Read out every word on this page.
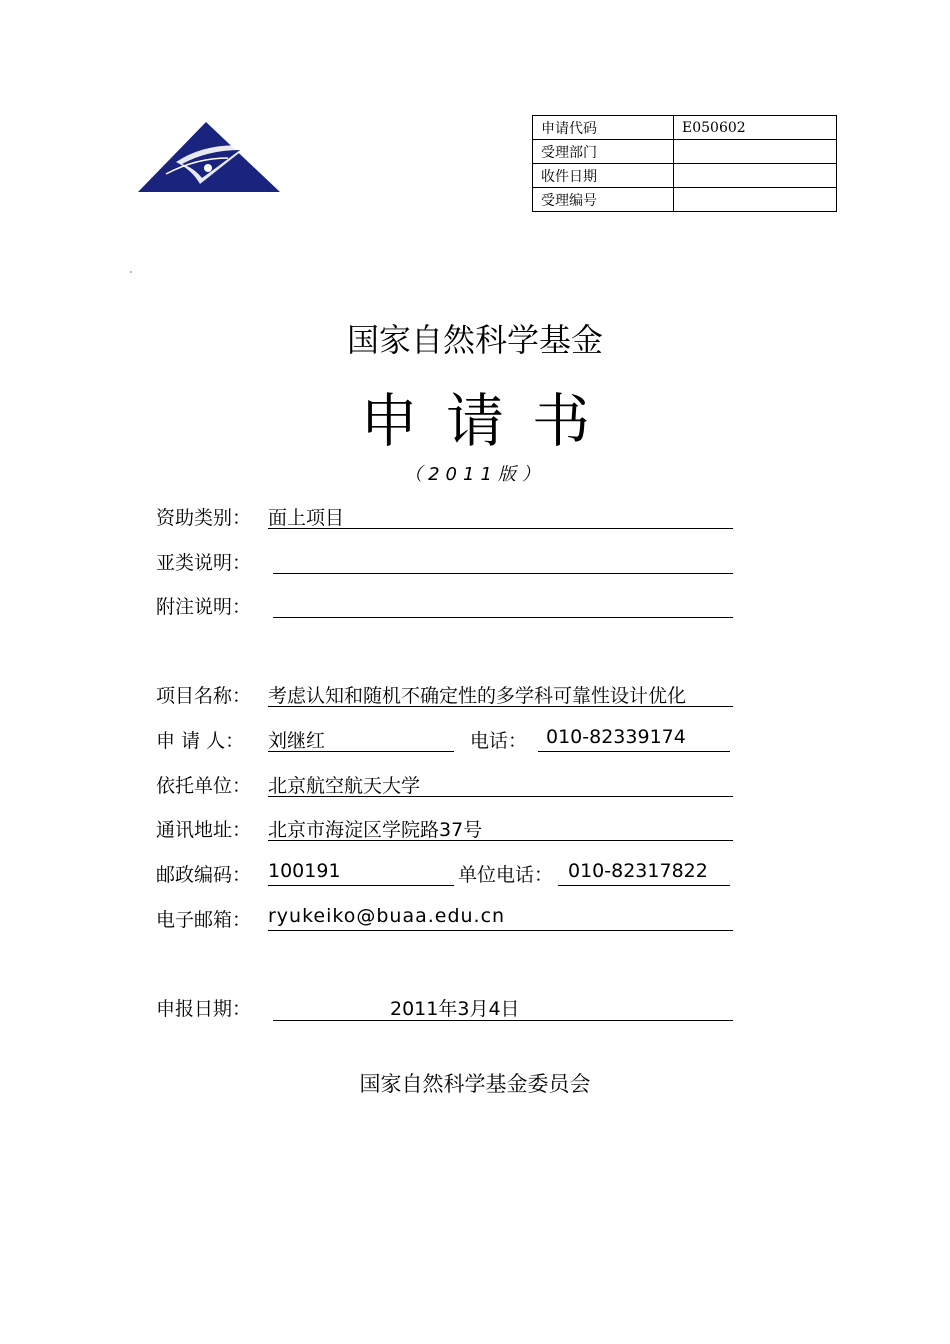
申请代码	E050602
受理部门	
收件日期	
受理编号	
国家自然科学基金
申请书
（2011版）
资助类别： 面上项目
亚类说明：
附注说明：
项目名称： 考虑认知和随机不确定性的多学科可靠性设计优化
申 请 人： 刘继红	电话： 010-82339174
依托单位： 北京航空航天大学
通讯地址： 北京市海淀区学院路37号
邮政编码： 100191	单位电话： 010-82317822
电子邮箱： ryukeiko@buaa.edu.cn
申报日期：	2011年3月4日
国家自然科学基金委员会
